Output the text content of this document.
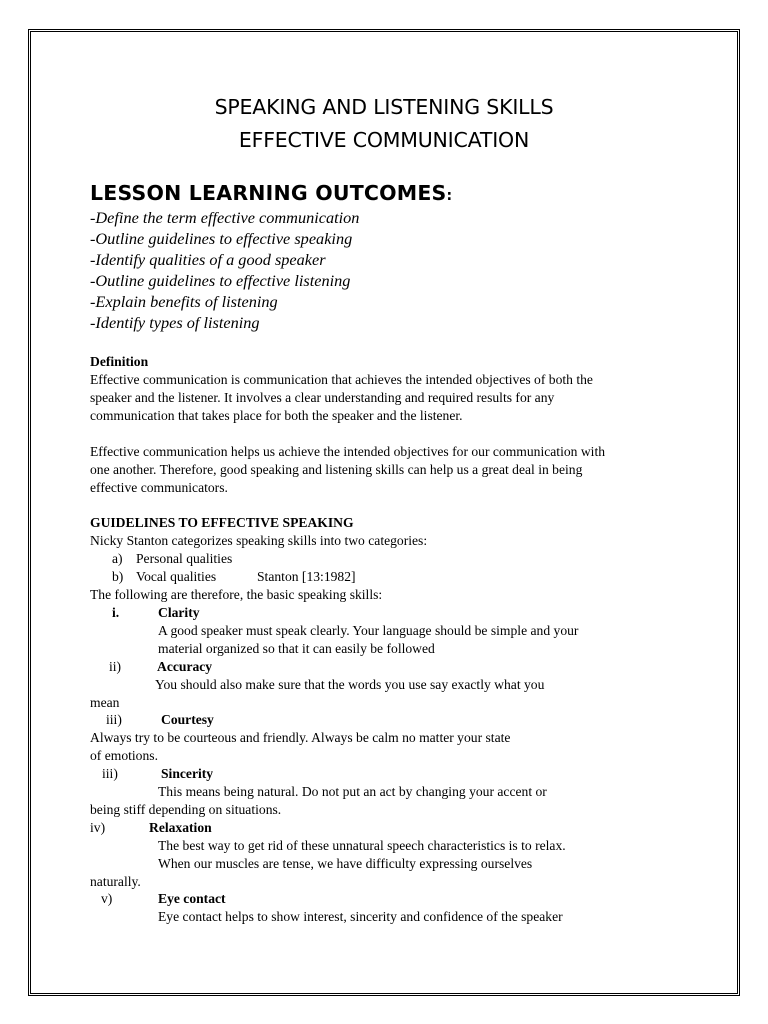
SPEAKING AND LISTENING SKILLS
EFFECTIVE COMMUNICATION
LESSON LEARNING OUTCOMES:
-Define the term effective communication
-Outline guidelines to effective speaking
-Identify qualities of a good speaker
-Outline guidelines to effective listening
-Explain benefits of listening
-Identify types of listening
Definition
Effective communication is communication that achieves the intended objectives of both the
speaker and the listener. It involves a clear understanding and required results for any
communication that takes place for both the speaker and the listener.
Effective communication helps us achieve the intended objectives for our communication with
one another. Therefore, good speaking and listening skills can help us a great deal in being
effective communicators.
GUIDELINES TO EFFECTIVE SPEAKING
Nicky Stanton categorizes speaking skills into two categories:
a) Personal qualities
b) Vocal qualities	Stanton [13:1982]
The following are therefore, the basic speaking skills:
i.	Clarity
A good speaker must speak clearly. Your language should be simple and your
material organized so that it can easily be followed
ii)	Accuracy
You should also make sure that the words you use say exactly what you
mean
iii)	Courtesy
Always try to be courteous and friendly. Always be calm no matter your state
of emotions.
iii)	Sincerity
This means being natural. Do not put an act by changing your accent or
being stiff depending on situations.
iv)	Relaxation
The best way to get rid of these unnatural speech characteristics is to relax.
When our muscles are tense, we have difficulty expressing ourselves
naturally.
v)	Eye contact
Eye contact helps to show interest, sincerity and confidence of the speaker
